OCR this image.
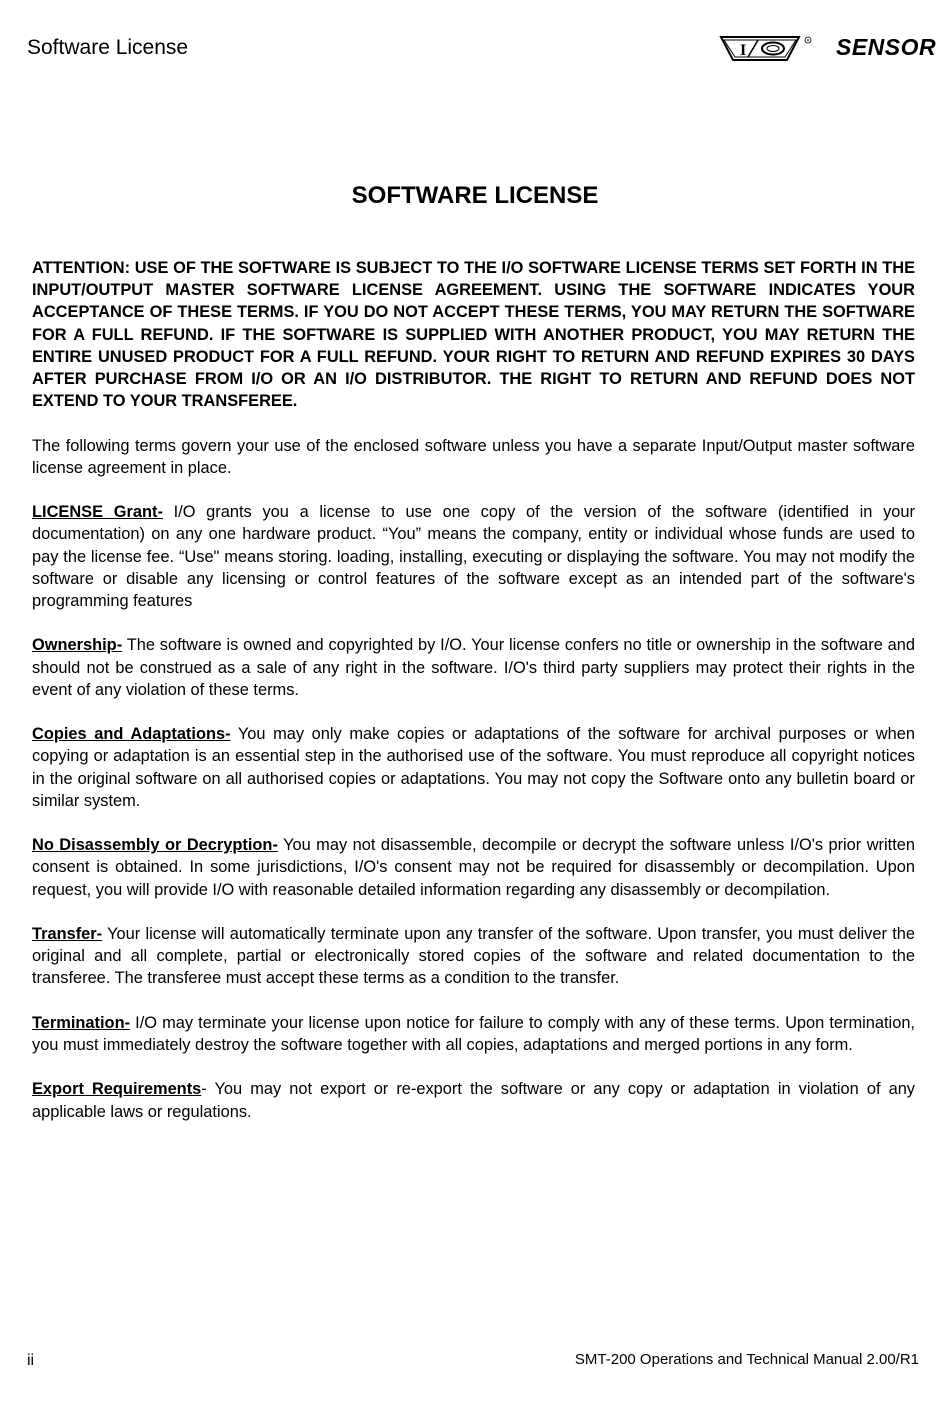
Software License	I
R SENSOR
SOFTWARE LICENSE

ATTENTION: USE OF THE SOFTWARE IS SUBJECT TO THE I/O SOFTWARE LICENSE TERMS SET FORTH IN THE INPUT/OUTPUT MASTER SOFTWARE LICENSE AGREEMENT. USING THE SOFTWARE INDICATES YOUR ACCEPTANCE OF THESE TERMS. IF YOU DO NOT ACCEPT THESE TERMS, YOU MAY RETURN THE SOFTWARE FOR A FULL REFUND. IF THE SOFTWARE IS SUPPLIED WITH ANOTHER PRODUCT, YOU MAY RETURN THE ENTIRE UNUSED PRODUCT FOR A FULL REFUND. YOUR RIGHT TO RETURN AND REFUND EXPIRES 30 DAYS AFTER PURCHASE FROM I/O OR AN I/O DISTRIBUTOR. THE RIGHT TO RETURN AND REFUND DOES NOT EXTEND TO YOUR TRANSFEREE.

The following terms govern your use of the enclosed software unless you have a separate Input/Output master software license agreement in place.

LICENSE Grant- I/O grants you a license to use one copy of the version of the software (identified in your documentation) on any one hardware product. “You” means the company, entity or individual whose funds are used to pay the license fee. “Use" means storing. loading, installing, executing or displaying the software. You may not modify the software or disable any licensing or control features of the software except as an intended part of the software's programming features

Ownership- The software is owned and copyrighted by I/O. Your license confers no title or ownership in the software and should not be construed as a sale of any right in the software. I/O's third party suppliers may protect their rights in the event of any violation of these terms.

Copies and Adaptations- You may only make copies or adaptations of the software for archival purposes or when copying or adaptation is an essential step in the authorised use of the software. You must reproduce all copyright notices in the original software on all authorised copies or adaptations. You may not copy the Software onto any bulletin board or similar system.

No Disassembly or Decryption- You may not disassemble, decompile or decrypt the software unless I/O's prior written consent is obtained. In some jurisdictions, I/O's consent may not be required for disassembly or decompilation. Upon request, you will provide I/O with reasonable detailed information regarding any disassembly or decompilation.

Transfer- Your license will automatically terminate upon any transfer of the software. Upon transfer, you must deliver the original and all complete, partial or electronically stored copies of the software and related documentation to the transferee. The transferee must accept these terms as a condition to the transfer.

Termination- I/O may terminate your license upon notice for failure to comply with any of these terms. Upon termination, you must immediately destroy the software together with all copies, adaptations and merged portions in any form.

Export Requirements- You may not export or re-export the software or any copy or adaptation in violation of any applicable laws or regulations.

ii	SMT-200 Operations and Technical Manual 2.00/R1
